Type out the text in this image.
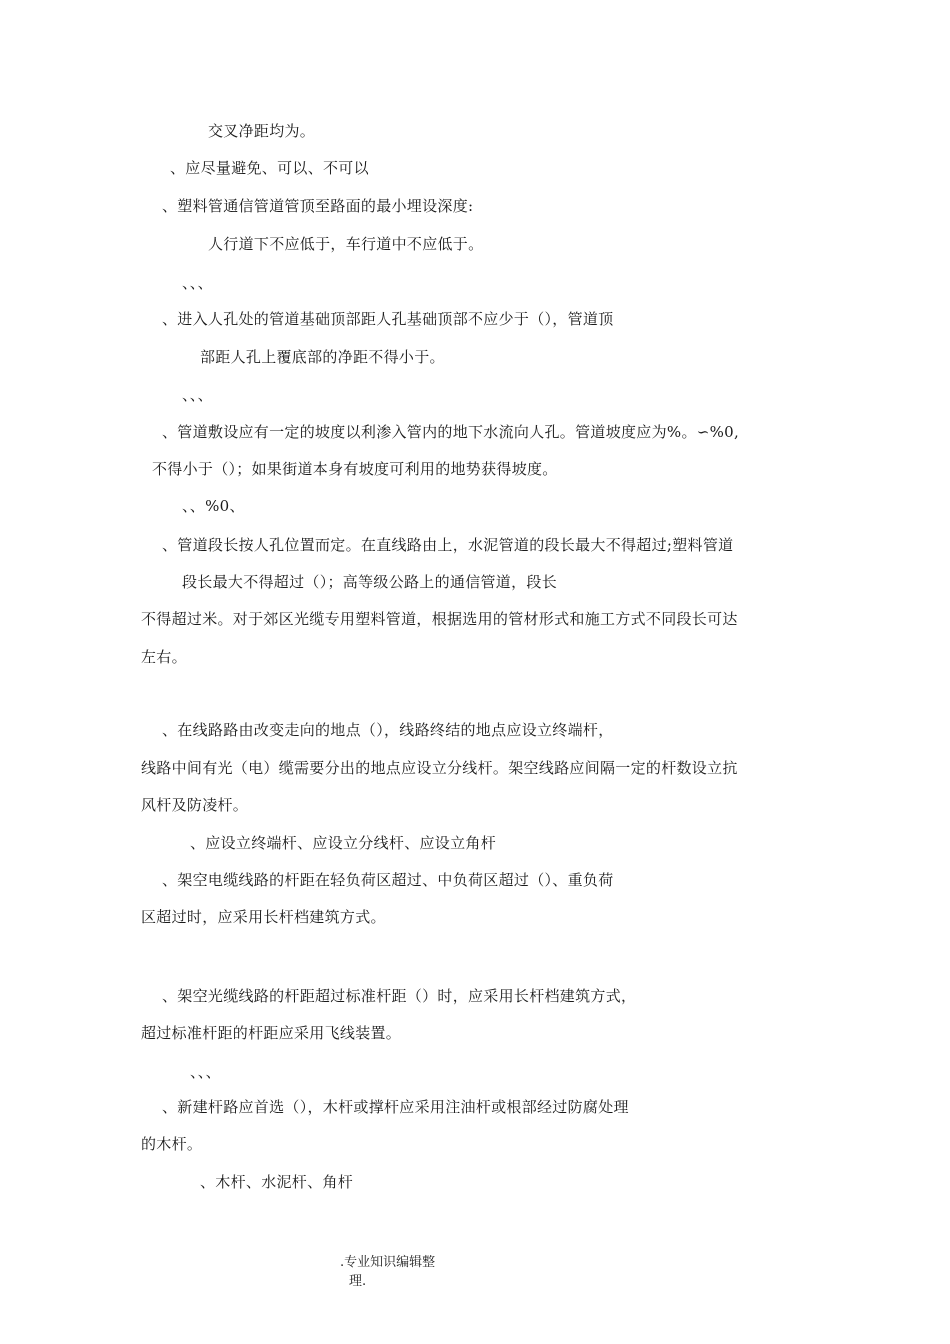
交叉净距均为。
、应尽量避免、可以、不可以
、塑料管通信管道管顶至路面的最小埋设深度:
人行道下不应低于，车行道中不应低于。
、、、
、进入人孔处的管道基础顶部距人孔基础顶部不应少于（），管道顶
部距人孔上覆底部的净距不得小于。
、、、
、管道敷设应有一定的坡度以利渗入管内的地下水流向人孔。管道坡度应为%。∽%0,
不得小于（）；如果街道本身有坡度可利用的地势获得坡度。
、、%0、
、管道段长按人孔位置而定。在直线路由上，水泥管道的段长最大不得超过;塑料管道
段长最大不得超过（）；高等级公路上的通信管道，段长
不得超过米。对于郊区光缆专用塑料管道，根据选用的管材形式和施工方式不同段长可达
左右。
、在线路路由改变走向的地点（），线路终结的地点应设立终端杆，
线路中间有光（电）缆需要分出的地点应设立分线杆。架空线路应间隔一定的杆数设立抗
风杆及防凌杆。
、应设立终端杆、应设立分线杆、应设立角杆
、架空电缆线路的杆距在轻负荷区超过、中负荷区超过（）、重负荷
区超过时，应采用长杆档建筑方式。
、架空光缆线路的杆距超过标准杆距（）时，应采用长杆档建筑方式，
超过标准杆距的杆距应采用飞线装置。
、、、
、新建杆路应首选（），木杆或撑杆应采用注油杆或根部经过防腐处理
的木杆。
、木杆、水泥杆、角杆
.专业知识编辑整
理.
